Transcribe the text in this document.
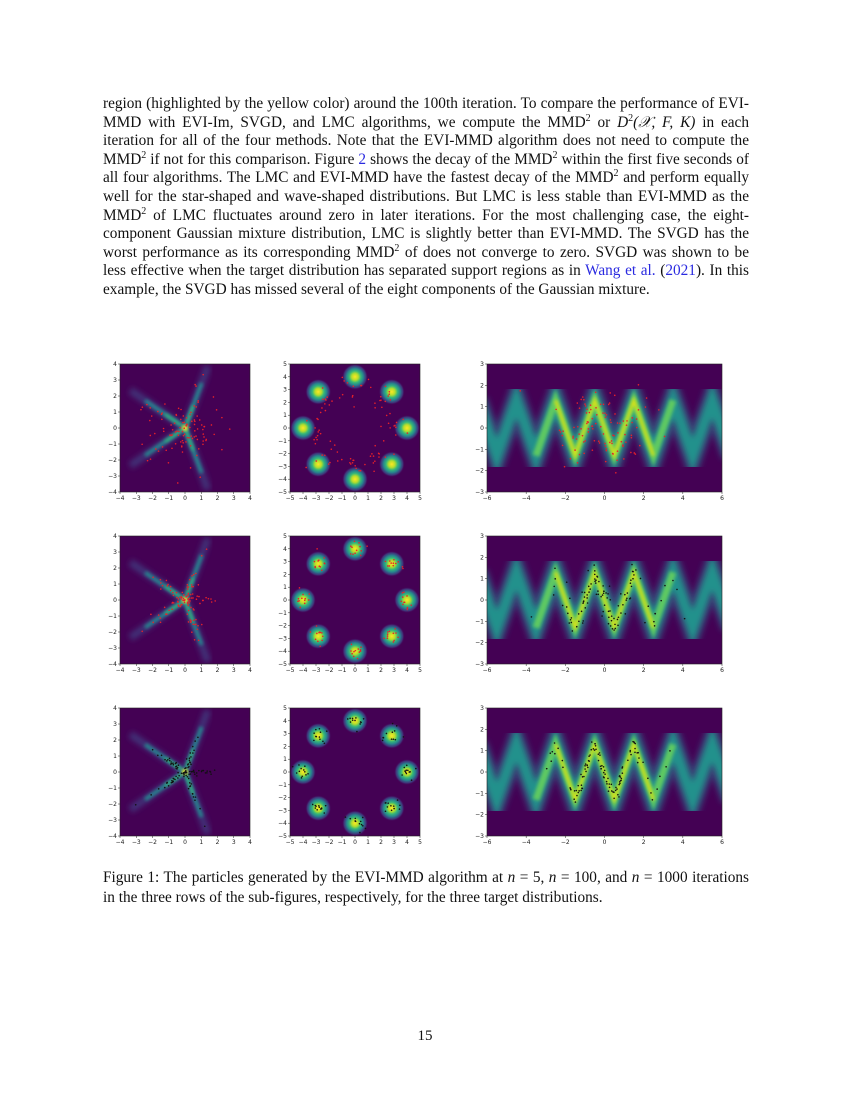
region (highlighted by the yellow color) around the 100th iteration. To compare the performance of EVI-MMD with EVI-Im, SVGD, and LMC algorithms, we compute the MMD$^2$ or $D^2(𝒳$, F, K) in each iteration for all of the four methods. Note that the EVI-MMD algorithm does not need to compute the MMD$^2$ if not for this comparison. Figure 2 shows the decay of the MMD$^2$ within the first five seconds of all four algorithms. The LMC and EVI-MMD have the fastest decay of the MMD$^2$ and perform equally well for the star-shaped and wave-shaped distributions. But LMC is less stable than EVI-MMD as the MMD$^2$ of LMC fluctuates around zero in later iterations. For the most challenging case, the eight-component Gaussian mixture distribution, LMC is slightly better than EVI-MMD. The SVGD has the worst performance as its corresponding MMD$^2$ of does not converge to zero. SVGD was shown to be less effective when the target distribution has separated support regions as in Wang et al. (2021). In this example, the SVGD has missed several of the eight components of the Gaussian mixture.
−4 −3 −2 −1 0 1 2 3 4
−4
−3
−2
−1
0
1
2
3
4
−5 −4 −3 −2 −1 0 1 2 3 4 5
−5
−4
−3
−2
−1
0
1
2
3
4
5
−6	−4	−2	0	2	4	6
−3
−2
−1
0
1
2
3
−4 −3 −2 −1 0 1 2 3 4
−4
−3
−2
−1
0
1
2
3
4
−5 −4 −3 −2 −1 0 1 2 3 4 5
−5
−4
−3
−2
−1
0
1
2
3
4
5
−6	−4	−2	0	2	4	6
−3
−2
−1
0
1
2
3
−4 −3 −2 −1 0 1 2 3 4
−4
−3
−2
−1
0
1
2
3
4
−5 −4 −3 −2 −1 0 1 2 3 4 5
−5
−4
−3
−2
−1
0
1
2
3
4
5
−6	−4	−2	0	2	4	6
−3
−2
−1
0
1
2
3
Figure 1: The particles generated by the EVI-MMD algorithm at n = 5, n = 100, and n = 1000 iterations in the three rows of the sub-figures, respectively, for the three target distributions.
15
